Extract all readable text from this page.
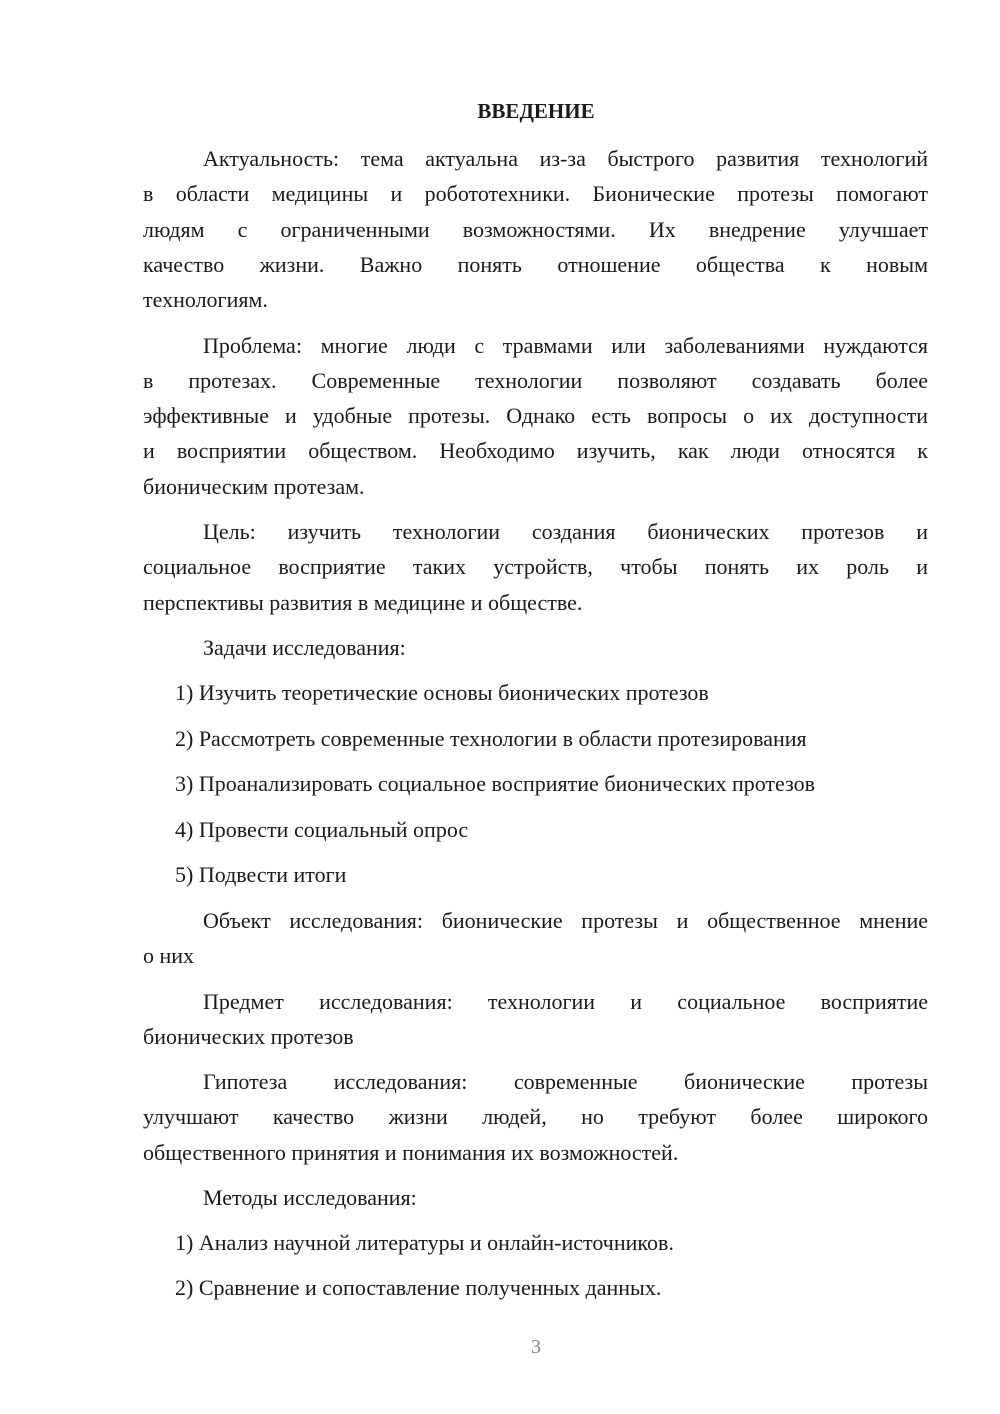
ВВЕДЕНИЕ
Актуальность: тема актуальна из-за быстрого развития технологий
в области медицины и робототехники. Бионические протезы помогают
людям с ограниченными возможностями. Их внедрение улучшает
качество жизни. Важно понять отношение общества к новым
технологиям.
Проблема: многие люди с травмами или заболеваниями нуждаются
в протезах. Современные технологии позволяют создавать более
эффективные и удобные протезы. Однако есть вопросы о их доступности
и восприятии обществом. Необходимо изучить, как люди относятся к
бионическим протезам.
Цель: изучить технологии создания бионических протезов и
социальное восприятие таких устройств, чтобы понять их роль и
перспективы развития в медицине и обществе.
Задачи исследования:
1) Изучить теоретические основы бионических протезов
2) Рассмотреть современные технологии в области протезирования
3) Проанализировать социальное восприятие бионических протезов
4) Провести социальный опрос
5) Подвести итоги
Объект исследования: бионические протезы и общественное мнение
о них
Предмет исследования: технологии и социальное восприятие
бионических протезов
Гипотеза исследования: современные бионические протезы
улучшают качество жизни людей, но требуют более широкого
общественного принятия и понимания их возможностей.
Методы исследования:
1) Анализ научной литературы и онлайн-источников.
2) Сравнение и сопоставление полученных данных.
3
